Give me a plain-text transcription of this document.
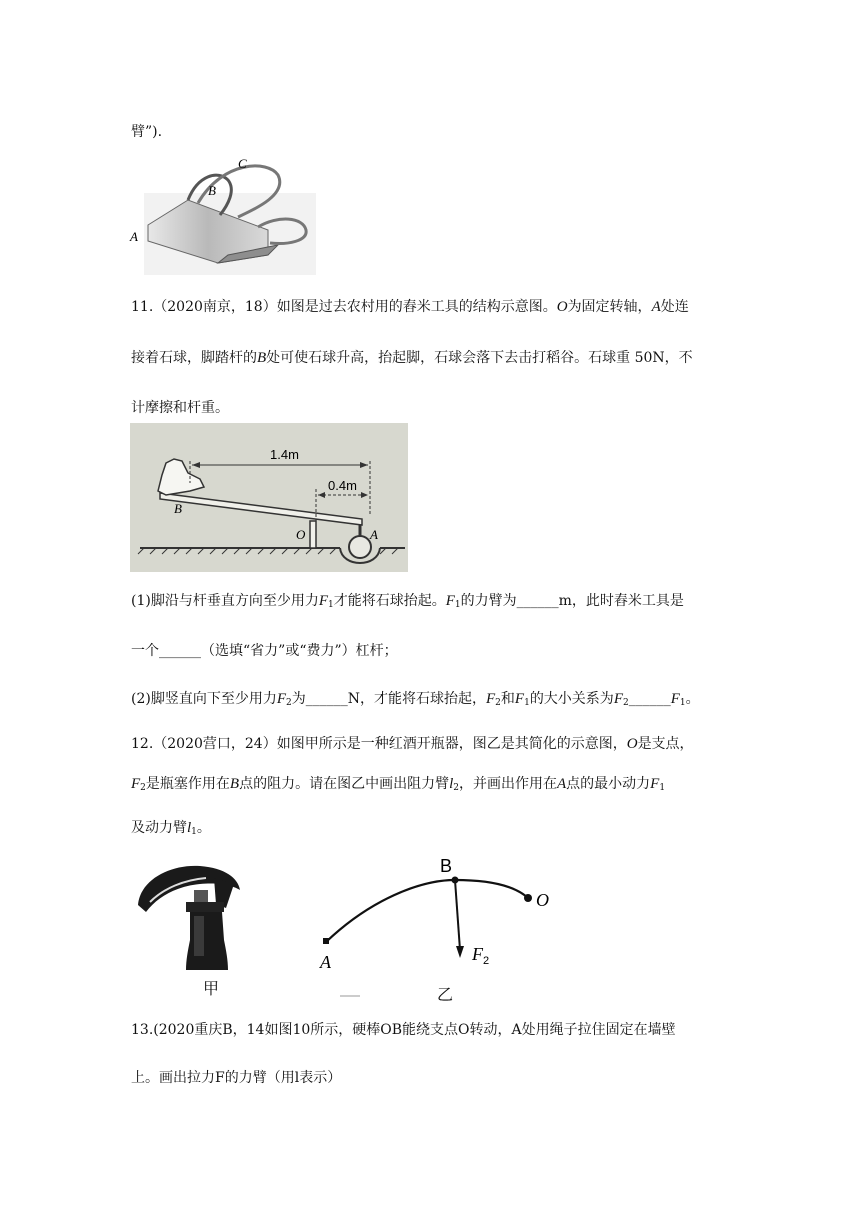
臂”).
C
B
A
11.（2020南京，18）如图是过去农村用的舂米工具的结构示意图。O为固定转轴，A处连
接着石球，脚踏杆的B处可使石球升高，抬起脚，石球会落下去击打稻谷。石球重 50N，不
计摩擦和杆重。
1.4m
0.4m
B
O	A
(1)脚沿与杆垂直方向至少用力$F_1$才能将石球抬起。$F_1$的力臂为______m，此时舂米工具是
一个______（选填“省力”或“费力”）杠杆；
(2)脚竖直向下至少用力$F_2$为______N，才能将石球抬起，$F_2$和$F_1$的大小关系为$F_2\_\_\_\_\_\_F_1$。
12.（2020营口，24）如图甲所示是一种红酒开瓶器，图乙是其简化的示意图，O是支点，
$F_2$是瓶塞作用在B点的阻力。请在图乙中画出阻力臂$l_2$，并画出作用在A点的最小动力$F_1$
及动力臂$l_1$。
甲
B
O
A	F 2
乙
13.(2020重庆B，14如图10所示，硬棒OB能绕支点O转动，A处用绳子拉住固定在墙壁
上。画出拉力F的力臂（用l表示）
